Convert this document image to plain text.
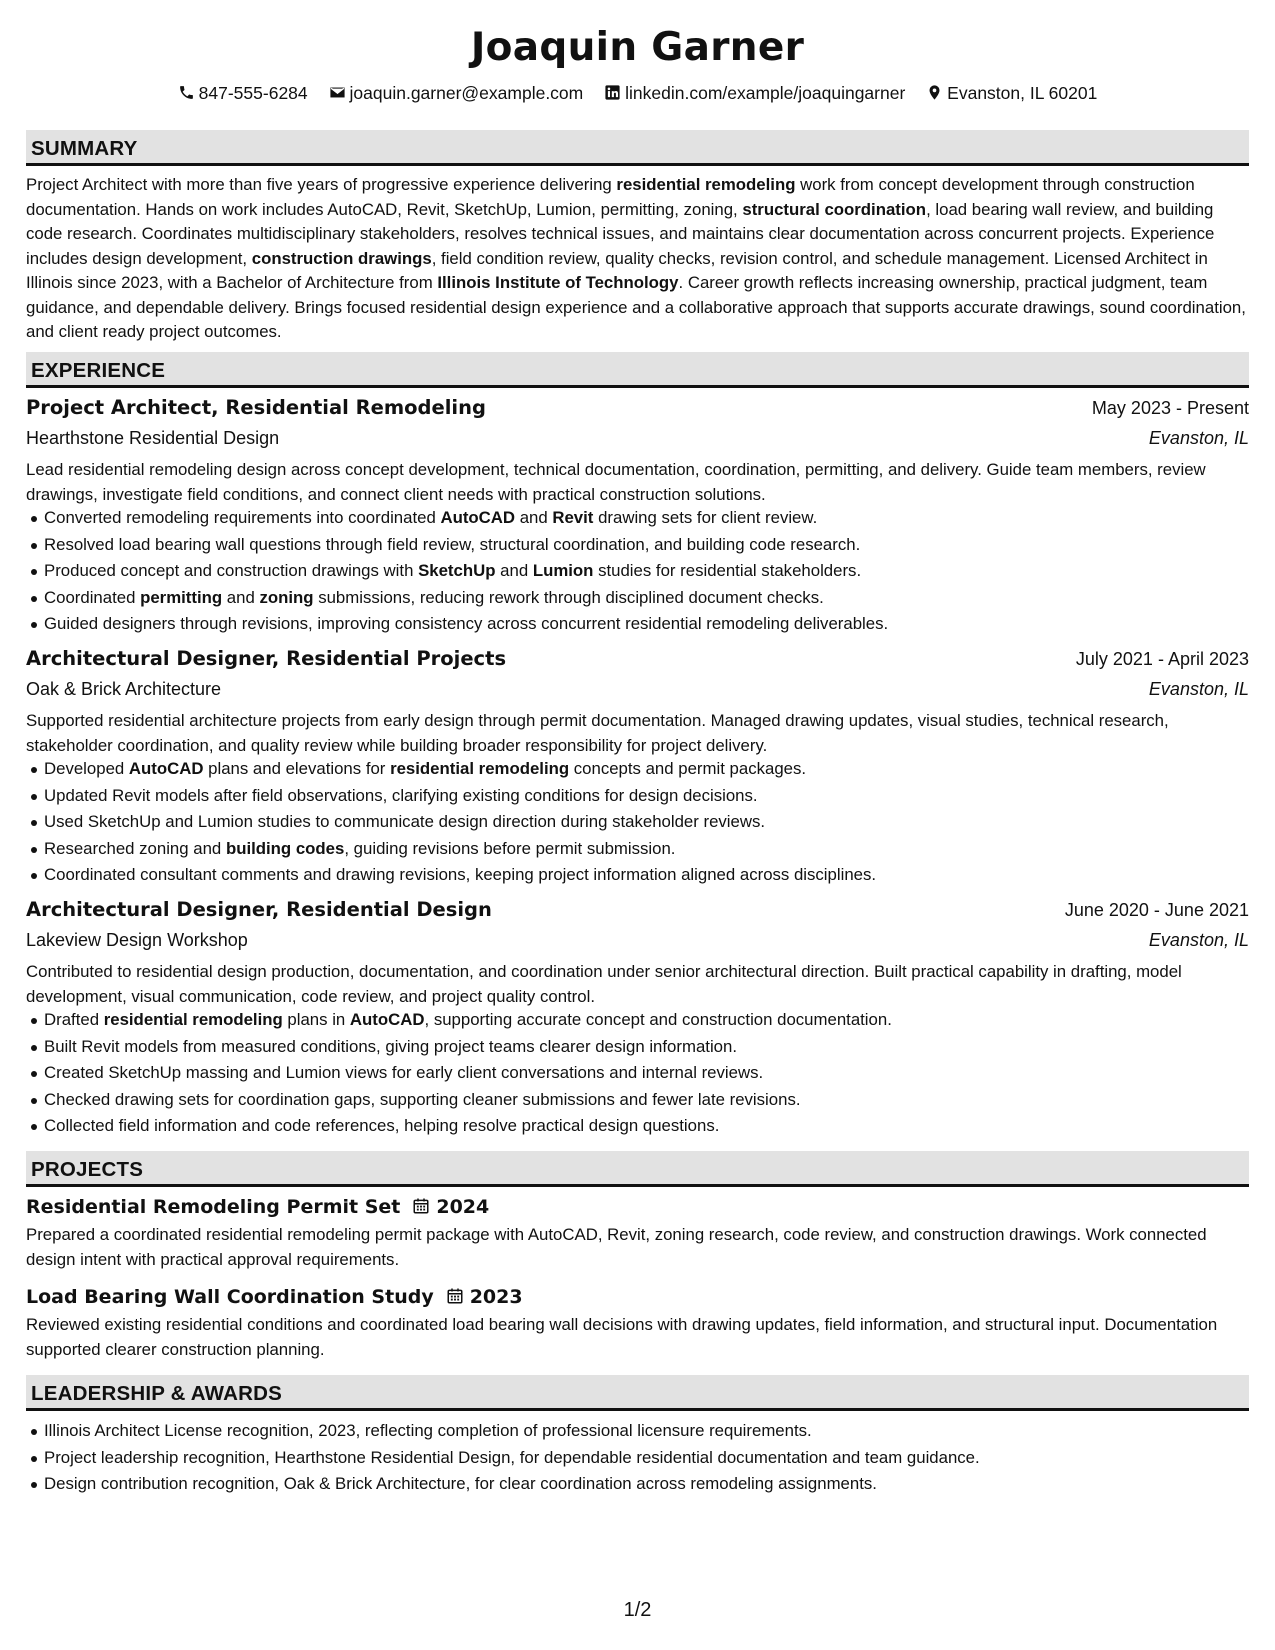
Joaquin Garner
847-555-6284 joaquin.garner@example.com linkedin.com/example/joaquingarner Evanston, IL 60201
SUMMARY
Project Architect with more than five years of progressive experience delivering residential remodeling work from concept development through construction documentation. Hands on work includes AutoCAD, Revit, SketchUp, Lumion, permitting, zoning, structural coordination, load bearing wall review, and building code research. Coordinates multidisciplinary stakeholders, resolves technical issues, and maintains clear documentation across concurrent projects. Experience includes design development, construction drawings, field condition review, quality checks, revision control, and schedule management. Licensed Architect in Illinois since 2023, with a Bachelor of Architecture from Illinois Institute of Technology. Career growth reflects increasing ownership, practical judgment, team guidance, and dependable delivery. Brings focused residential design experience and a collaborative approach that supports accurate drawings, sound coordination, and client ready project outcomes.
EXPERIENCE
Project Architect, Residential Remodeling	May 2023 - Present
Hearthstone Residential Design	Evanston, IL
Lead residential remodeling design across concept development, technical documentation, coordination, permitting, and delivery. Guide team members, review drawings, investigate field conditions, and connect client needs with practical construction solutions.
Converted remodeling requirements into coordinated AutoCAD and Revit drawing sets for client review.
Resolved load bearing wall questions through field review, structural coordination, and building code research.
Produced concept and construction drawings with SketchUp and Lumion studies for residential stakeholders.
Coordinated permitting and zoning submissions, reducing rework through disciplined document checks.
Guided designers through revisions, improving consistency across concurrent residential remodeling deliverables.
Architectural Designer, Residential Projects	July 2021 - April 2023
Oak & Brick Architecture	Evanston, IL
Supported residential architecture projects from early design through permit documentation. Managed drawing updates, visual studies, technical research, stakeholder coordination, and quality review while building broader responsibility for project delivery.
Developed AutoCAD plans and elevations for residential remodeling concepts and permit packages.
Updated Revit models after field observations, clarifying existing conditions for design decisions.
Used SketchUp and Lumion studies to communicate design direction during stakeholder reviews.
Researched zoning and building codes, guiding revisions before permit submission.
Coordinated consultant comments and drawing revisions, keeping project information aligned across disciplines.
Architectural Designer, Residential Design	June 2020 - June 2021
Lakeview Design Workshop	Evanston, IL
Contributed to residential design production, documentation, and coordination under senior architectural direction. Built practical capability in drafting, model development, visual communication, code review, and project quality control.
Drafted residential remodeling plans in AutoCAD, supporting accurate concept and construction documentation.
Built Revit models from measured conditions, giving project teams clearer design information.
Created SketchUp massing and Lumion views for early client conversations and internal reviews.
Checked drawing sets for coordination gaps, supporting cleaner submissions and fewer late revisions.
Collected field information and code references, helping resolve practical design questions.
PROJECTS
Residential Remodeling Permit Set 2024
Prepared a coordinated residential remodeling permit package with AutoCAD, Revit, zoning research, code review, and construction drawings. Work connected design intent with practical approval requirements.
Load Bearing Wall Coordination Study 2023
Reviewed existing residential conditions and coordinated load bearing wall decisions with drawing updates, field information, and structural input. Documentation supported clearer construction planning.
LEADERSHIP & AWARDS
Illinois Architect License recognition, 2023, reflecting completion of professional licensure requirements.
Project leadership recognition, Hearthstone Residential Design, for dependable residential documentation and team guidance.
Design contribution recognition, Oak & Brick Architecture, for clear coordination across remodeling assignments.
1/2
